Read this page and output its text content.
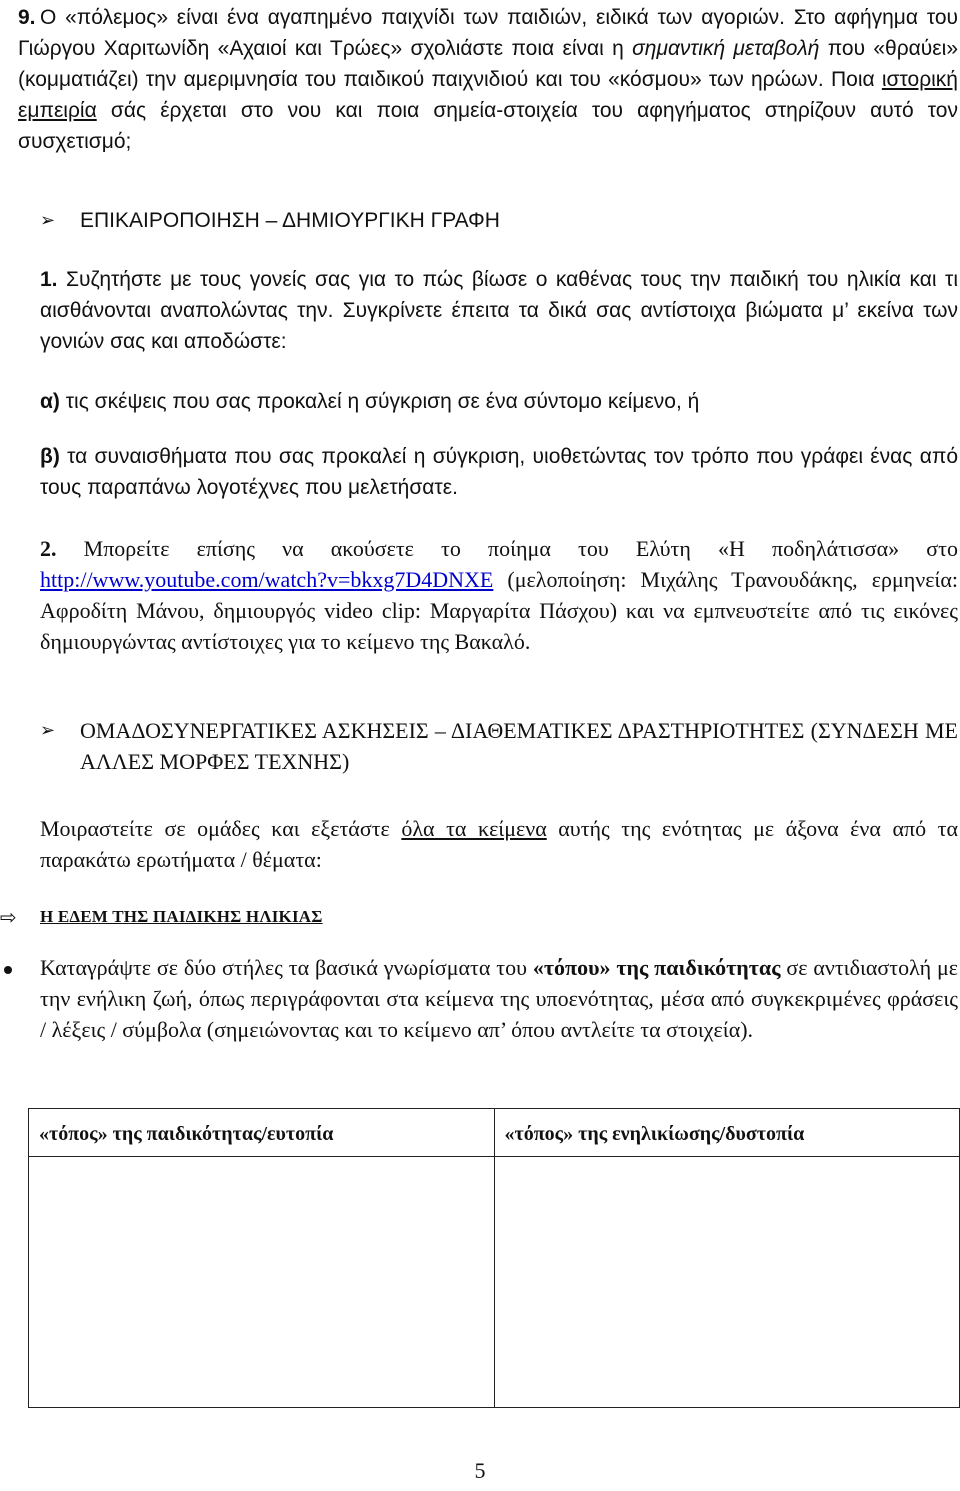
9. Ο «πόλεμος» είναι ένα αγαπημένο παιχνίδι των παιδιών, ειδικά των αγοριών. Στο αφήγημα του Γιώργου Χαριτωνίδη «Αχαιοί και Τρώες» σχολιάστε ποια είναι η σημαντική μεταβολή που «θραύει» (κομματιάζει) την αμεριμνησία του παιδικού παιχνιδιού και του «κόσμου» των ηρώων. Ποια ιστορική εμπειρία σάς έρχεται στο νου και ποια σημεία-στοιχεία του αφηγήματος στηρίζουν αυτό τον συσχετισμό;

➢	ΕΠΙΚΑΙΡΟΠΟΙΗΣΗ – ΔΗΜΙΟΥΡΓΙΚΗ ΓΡΑΦΗ

1. Συζητήστε με τους γονείς σας για το πώς βίωσε ο καθένας τους την παιδική του ηλικία και τι αισθάνονται αναπολώντας την. Συγκρίνετε έπειτα τα δικά σας αντίστοιχα βιώματα μ’ εκείνα των γονιών σας και αποδώστε:

α) τις σκέψεις που σας προκαλεί η σύγκριση σε ένα σύντομο κείμενο, ή

β) τα συναισθήματα που σας προκαλεί η σύγκριση, υιοθετώντας τον τρόπο που γράφει ένας από τους παραπάνω λογοτέχνες που μελετήσατε.

2. Μπορείτε επίσης να ακούσετε το ποίημα του Ελύτη «Η ποδηλάτισσα» στο http://www.youtube.com/watch?v=bkxg7D4DNXE (μελοποίηση: Μιχάλης Τρανουδάκης, ερμηνεία: Αφροδίτη Μάνου, δημιουργός video clip: Μαργαρίτα Πάσχου) και να εμπνευστείτε από τις εικόνες δημιουργώντας αντίστοιχες για το κείμενο της Βακαλό.

➢	ΟΜΑΔΟΣΥΝΕΡΓΑΤΙΚΕΣ ΑΣΚΗΣΕΙΣ – ΔΙΑΘΕΜΑΤΙΚΕΣ ΔΡΑΣΤΗΡΙΟΤΗΤΕΣ (ΣΥΝΔΕΣΗ ΜΕ ΑΛΛΕΣ ΜΟΡΦΕΣ ΤΕΧΝΗΣ)

Μοιραστείτε σε ομάδες και εξετάστε όλα τα κείμενα αυτής της ενότητας με άξονα ένα από τα παρακάτω ερωτήματα / θέματα:

⇨	Η ΕΔΕΜ ΤΗΣ ΠΑΙΔΙΚΗΣ ΗΛΙΚΙΑΣ

Καταγράψτε σε δύο στήλες τα βασικά γνωρίσματα του «τόπου» της παιδικότητας σε αντιδιαστολή με την ενήλικη ζωή, όπως περιγράφονται στα κείμενα της υποενότητας, μέσα από συγκεκριμένες φράσεις / λέξεις / σύμβολα (σημειώνοντας και το κείμενο απ’ όπου αντλείτε τα στοιχεία).

«τόπος» της παιδικότητας/ευτοπία	«τόπος» της ενηλικίωσης/δυστοπία

5
